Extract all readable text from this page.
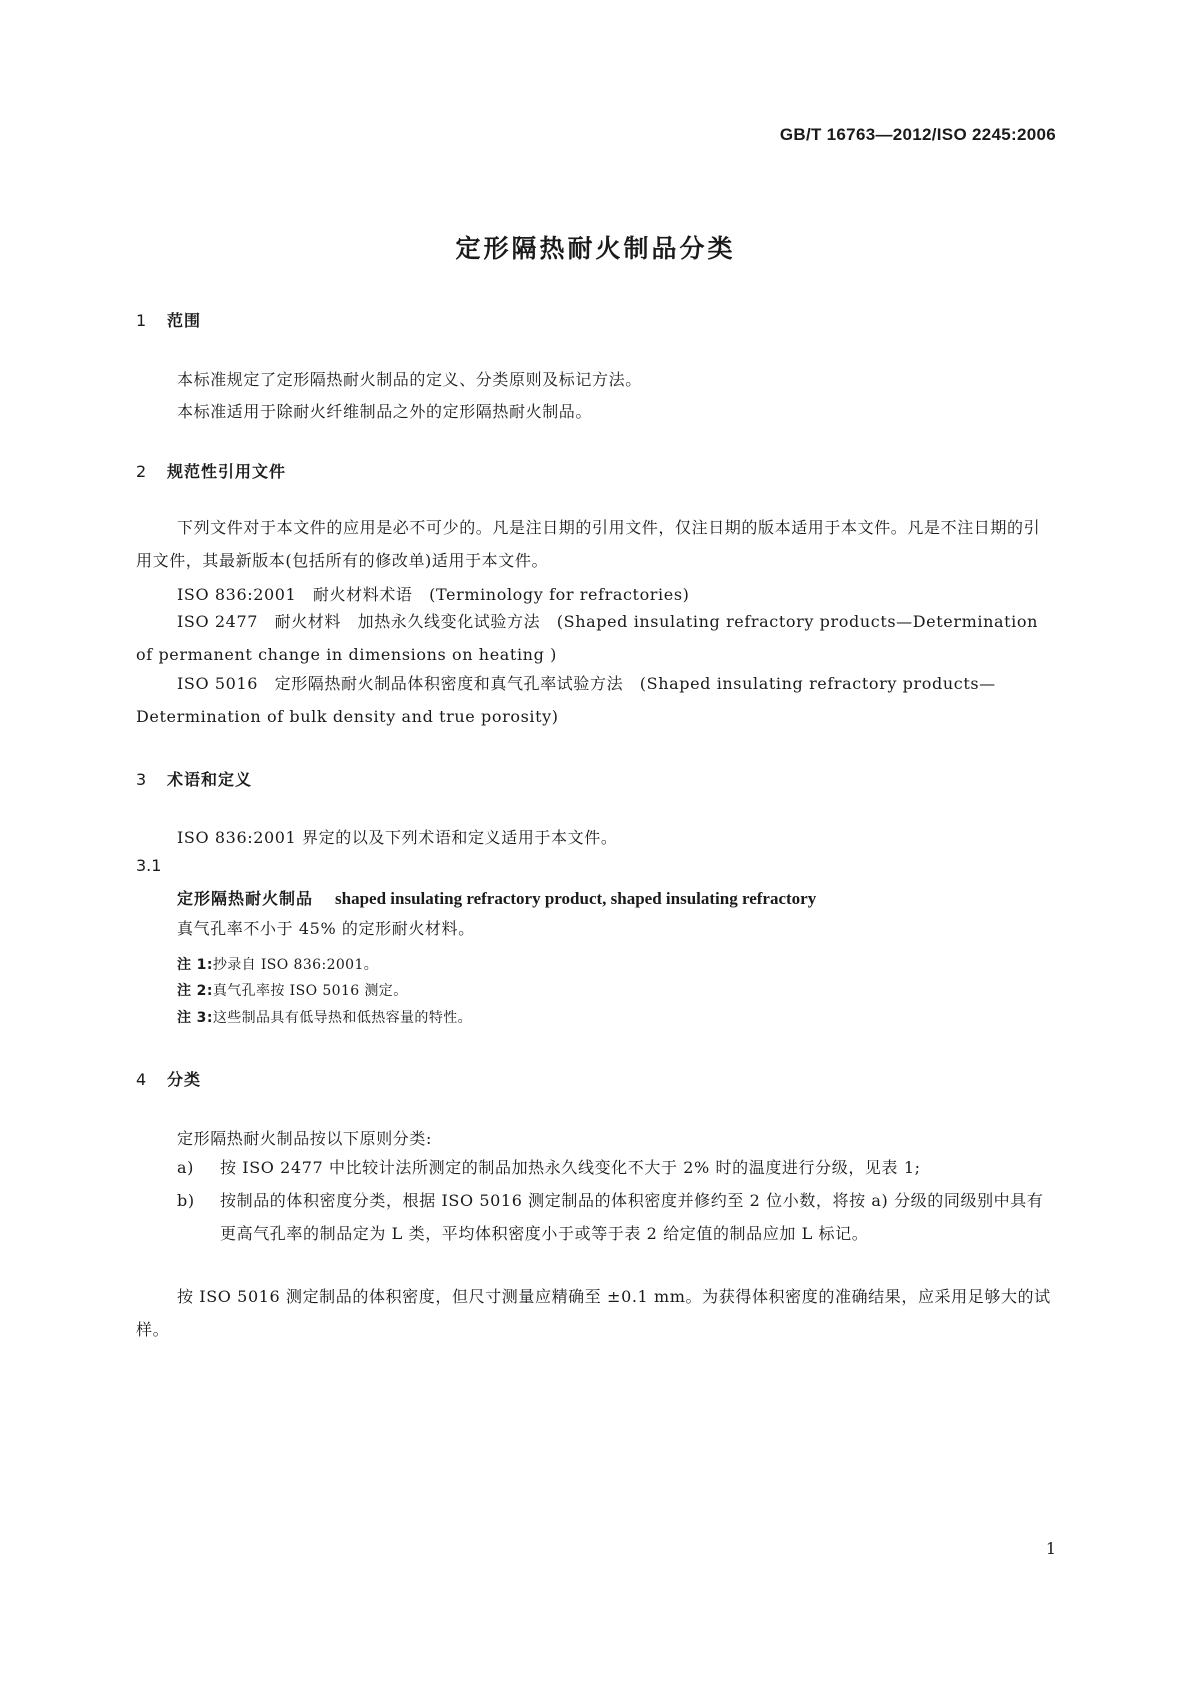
GB/T 16763—2012/ISO 2245:2006
定形隔热耐火制品分类
1 范围
本标准规定了定形隔热耐火制品的定义、分类原则及标记方法。
本标准适用于除耐火纤维制品之外的定形隔热耐火制品。
2 规范性引用文件

下列文件对于本文件的应用是必不可少的。凡是注日期的引用文件，仅注日期的版本适用于本文件。凡是不注日期的引用文件，其最新版本(包括所有的修改单)适用于本文件。

ISO 836:2001　耐火材料术语　(Terminology for refractories)

ISO 2477　耐火材料　加热永久线变化试验方法　(Shaped insulating refractory products—Determination of permanent change in dimensions on heating )

ISO 5016　定形隔热耐火制品体积密度和真气孔率试验方法　(Shaped insulating refractory products—Determination of bulk density and true porosity)

3 术语和定义
ISO 836:2001 界定的以及下列术语和定义适用于本文件。
3.1
定形隔热耐火制品 shaped insulating refractory product, shaped insulating refractory
真气孔率不小于 45% 的定形耐火材料。
注 1:抄录自 ISO 836:2001。
注 2:真气孔率按 ISO 5016 测定。
注 3:这些制品具有低导热和低热容量的特性。
4 分类
定形隔热耐火制品按以下原则分类:
a) 按 ISO 2477 中比较计法所测定的制品加热永久线变化不大于 2% 时的温度进行分级，见表 1;
b) 按制品的体积密度分类，根据 ISO 5016 测定制品的体积密度并修约至 2 位小数，将按 a) 分级的同级别中具有更高气孔率的制品定为 L 类，平均体积密度小于或等于表 2 给定值的制品应加 L 标记。

按 ISO 5016 测定制品的体积密度，但尺寸测量应精确至 ±0.1 mm。为获得体积密度的准确结果，应采用足够大的试样。

1
